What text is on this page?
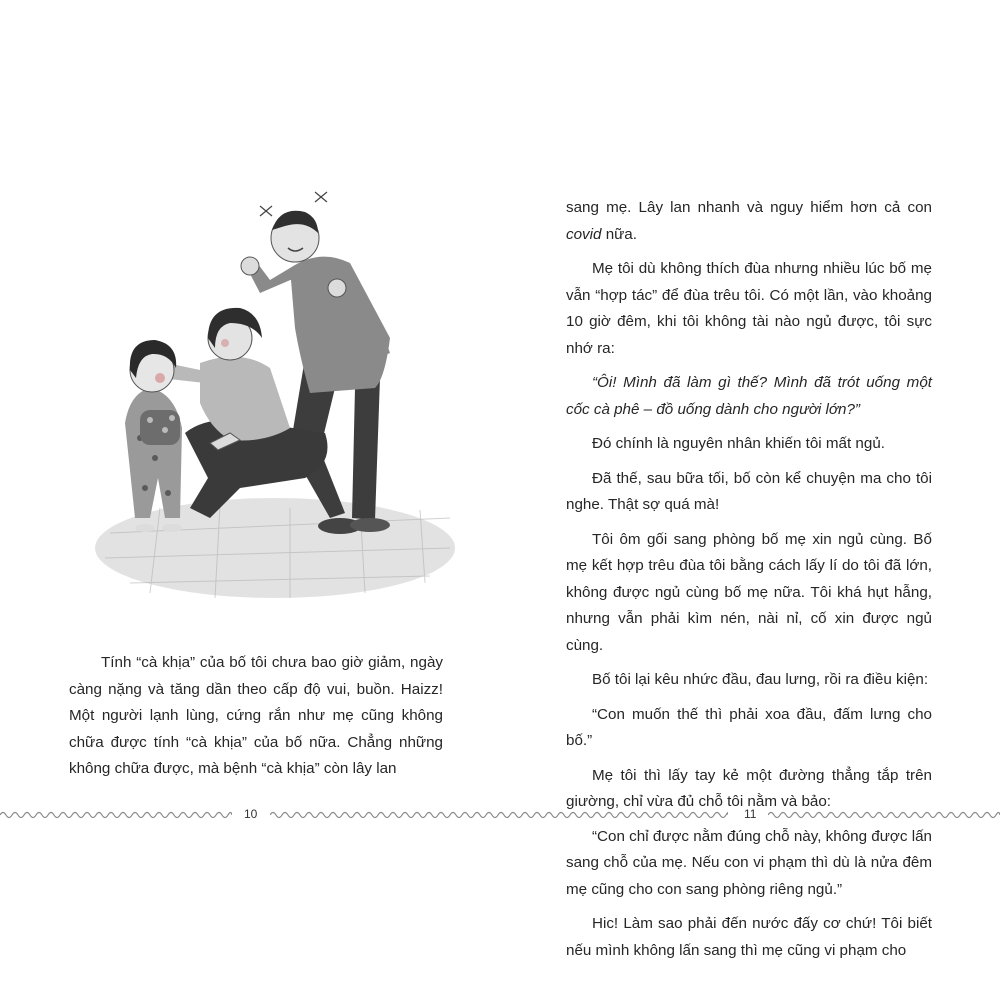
Tính “cà khịa” của bố tôi chưa bao giờ giảm, ngày càng nặng và tăng dần theo cấp độ vui, buồn. Haizz! Một người lạnh lùng, cứng rắn như mẹ cũng không chữa được tính “cà khịa” của bố nữa. Chẳng những không chữa được, mà bệnh “cà khịa” còn lây lan

sang mẹ. Lây lan nhanh và nguy hiểm hơn cả con covid nữa.

Mẹ tôi dù không thích đùa nhưng nhiều lúc bố mẹ vẫn “hợp tác” để đùa trêu tôi. Có một lần, vào khoảng 10 giờ đêm, khi tôi không tài nào ngủ được, tôi sực nhớ ra:

“Ôi! Mình đã làm gì thế? Mình đã trót uống một cốc cà phê – đồ uống dành cho người lớn?”

Đó chính là nguyên nhân khiến tôi mất ngủ.

Đã thế, sau bữa tối, bố còn kể chuyện ma cho tôi nghe. Thật sợ quá mà!

Tôi ôm gối sang phòng bố mẹ xin ngủ cùng. Bố mẹ kết hợp trêu đùa tôi bằng cách lấy lí do tôi đã lớn, không được ngủ cùng bố mẹ nữa. Tôi khá hụt hẫng, nhưng vẫn phải kìm nén, nài nỉ, cố xin được ngủ cùng.

Bố tôi lại kêu nhức đầu, đau lưng, rồi ra điều kiện:

“Con muốn thế thì phải xoa đầu, đấm lưng cho bố.”

Mẹ tôi thì lấy tay kẻ một đường thẳng tắp trên giường, chỉ vừa đủ chỗ tôi nằm và bảo:

“Con chỉ được nằm đúng chỗ này, không được lấn sang chỗ của mẹ. Nếu con vi phạm thì dù là nửa đêm mẹ cũng cho con sang phòng riêng ngủ.”

Hic! Làm sao phải đến nước đấy cơ chứ! Tôi biết nếu mình không lấn sang thì mẹ cũng vi phạm cho

10	11
